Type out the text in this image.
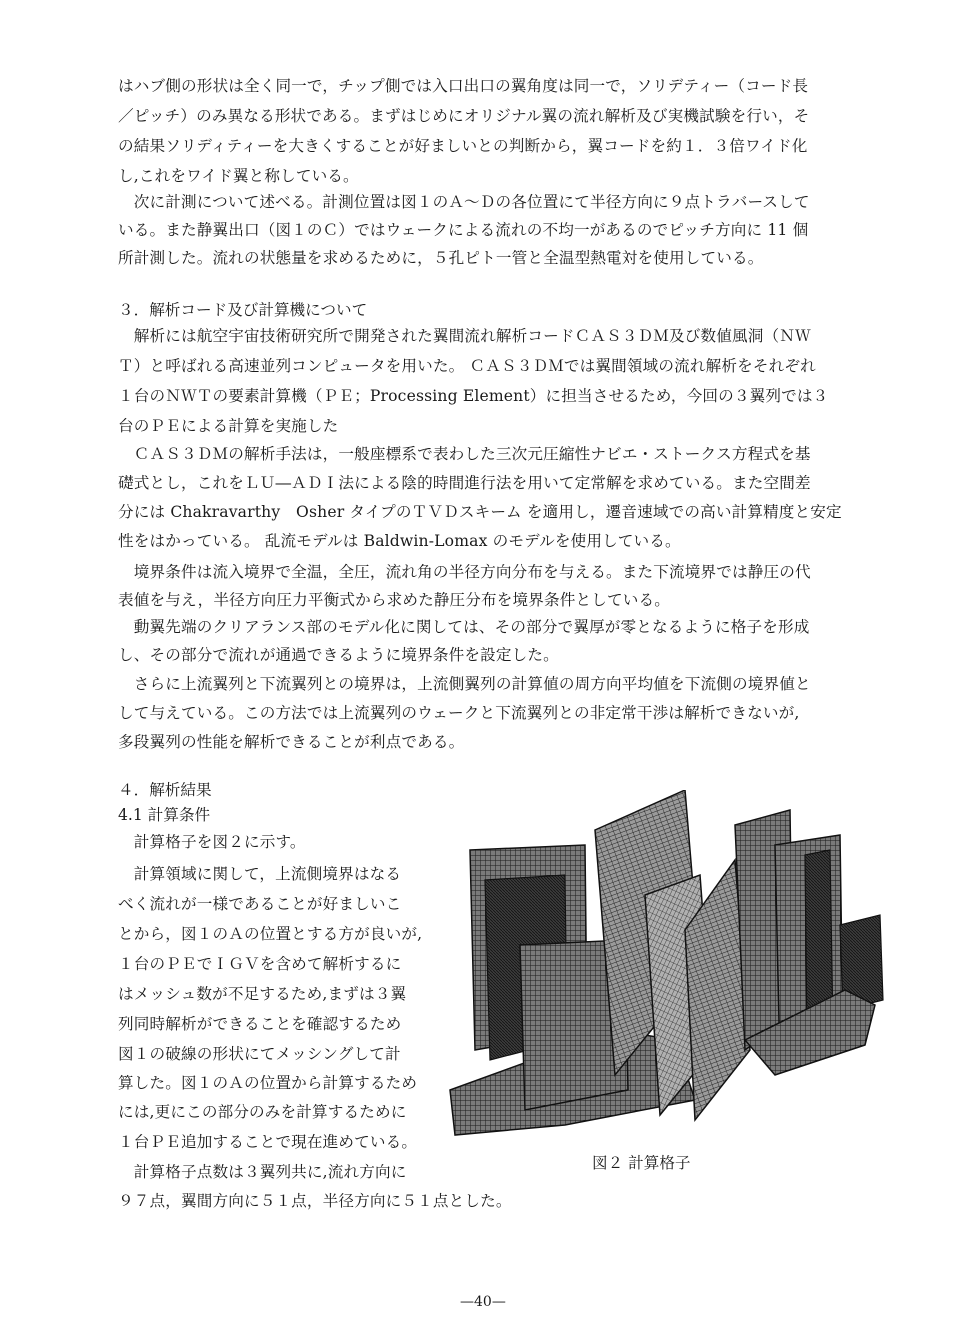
はハブ側の形状は全く同一で，チップ側では入口出口の翼角度は同一で，ソリデティー（コード長
／ピッチ）のみ異なる形状である。まずはじめにオリジナル翼の流れ解析及び実機試験を行い，そ
の結果ソリディティーを大きくすることが好ましいとの判断から，翼コードを約１．３倍ワイド化
し,これをワイド翼と称している。
　次に計測について述べる。計測位置は図１のＡ～Ｄの各位置にて半径方向に９点トラバースして
いる。また静翼出口（図１のＣ）ではウェークによる流れの不均一があるのでピッチ方向に 11 個
所計測した。流れの状態量を求めるために，５孔ピト一管と全温型熱電対を使用している。
３．解析コード及び計算機について
　解析には航空宇宙技術研究所で開発された翼間流れ解析コードＣＡＳ３ＤＭ及び数値風洞（ＮＷ
Ｔ）と呼ばれる高速並列コンピュータを用いた。 ＣＡＳ３ＤＭでは翼間領域の流れ解析をそれぞれ
１台のＮＷＴの要素計算機（ＰＥ；Processing Element）に担当させるため，今回の３翼列では３
台のＰＥによる計算を実施した
　ＣＡＳ３ＤＭの解析手法は，一般座標系で表わした三次元圧縮性ナビエ・ストークス方程式を基
礎式とし，これをＬＵ―ＡＤＩ法による陰的時間進行法を用いて定常解を求めている。また空間差
分には Chakravarthy　Osher タイプのＴＶＤスキーム を適用し，遷音速域での高い計算精度と安定
性をはかっている。 乱流モデルは Baldwin-Lomax のモデルを使用している。
　境界条件は流入境界で全温，全圧，流れ角の半径方向分布を与える。また下流境界では静圧の代
表値を与え，半径方向圧力平衡式から求めた静圧分布を境界条件としている。
　動翼先端のクリアランス部のモデル化に関しては、その部分で翼厚が零となるように格子を形成
し、その部分で流れが通過できるように境界条件を設定した。
　さらに上流翼列と下流翼列との境界は，上流側翼列の計算値の周方向平均値を下流側の境界値と
して与えている。この方法では上流翼列のウェークと下流翼列との非定常干渉は解析できないが,
多段翼列の性能を解析できることが利点である。
４．解析結果
4.1 計算条件
　計算格子を図２に示す。
　計算領域に関して，上流側境界はなる
べく流れが一様であることが好ましいこ
とから，図１のＡの位置とする方が良いが,
１台のＰＥでＩＧＶを含めて解析するに
はメッシュ数が不足するため,まずは３翼
列同時解析ができることを確認するため
図１の破線の形状にてメッシングして計
算した。図１のＡの位置から計算するため
には,更にこの部分のみを計算するために
１台ＰＥ追加することで現在進めている。
　計算格子点数は３翼列共に,流れ方向に
９７点，翼間方向に５１点，半径方向に５１点とした。
図２ 計算格子
—40—
